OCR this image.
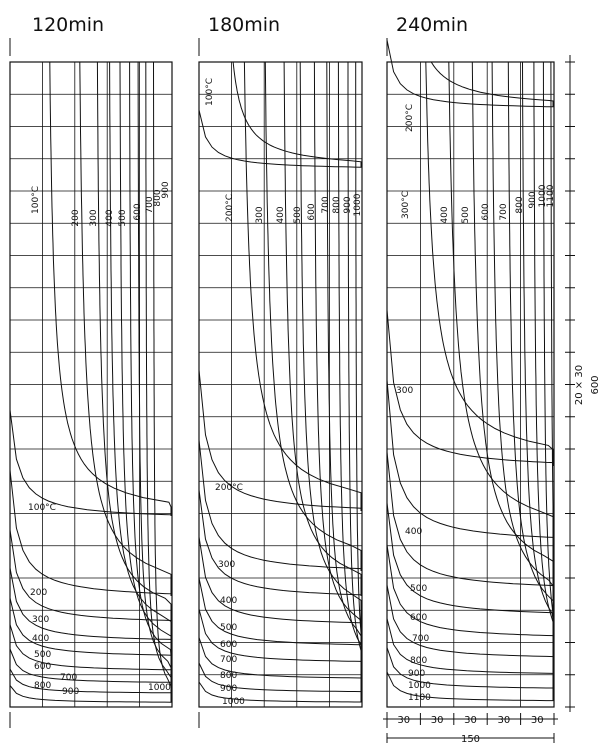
120min	180min	240min
100°C
200 300 400 500 600 700
800
900
100°C
200
300
400
500
600
700
800
900	1000
100°C
200°C 300 400 500 600 700 800 900 1000
200°C
300
400
500
600
700
800
900
1000
200°C
300°C	400 500 600 700 800 900 1000
1100
300
400
500
600
700
800
900
1000
1100
20 × 30 600
30 30 30 30 30
150
